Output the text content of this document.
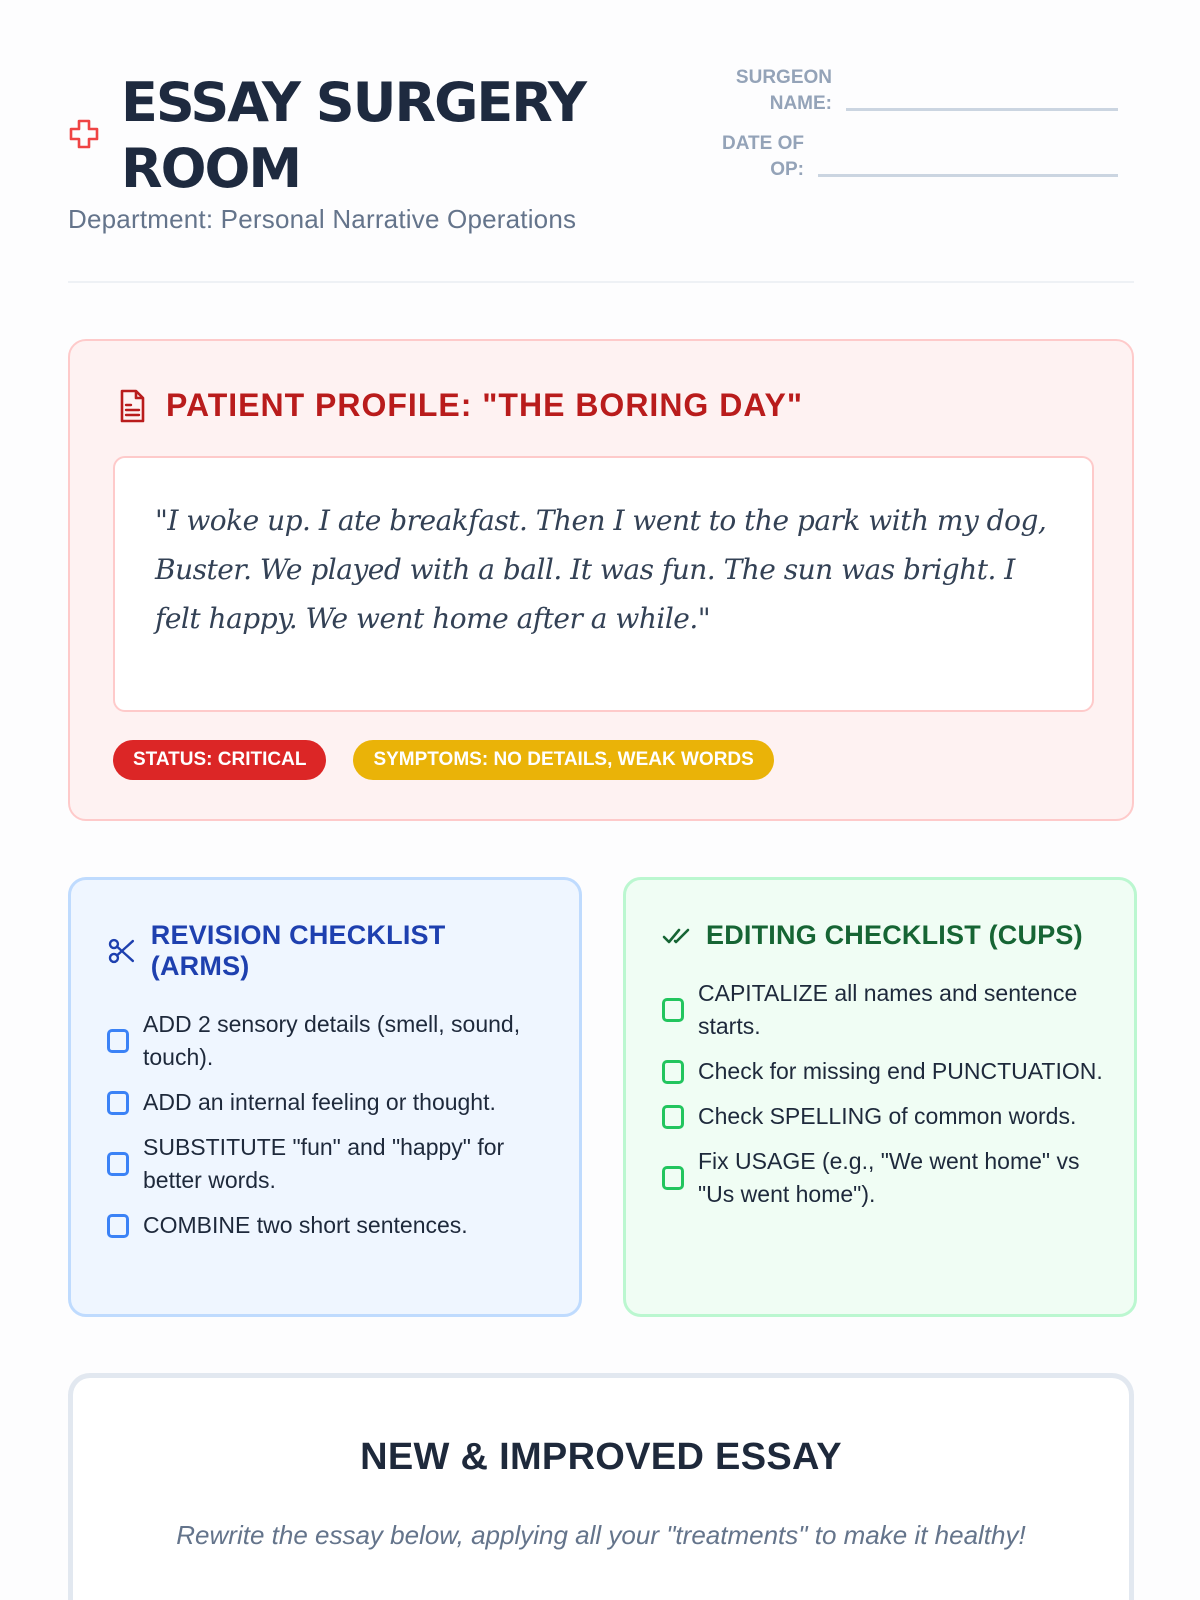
ESSAY SURGERY ROOM
Department: Personal Narrative Operations
SURGEON NAME:
DATE OF OP:
PATIENT PROFILE: "THE BORING DAY"
"I woke up. I ate breakfast. Then I went to the park with my dog, Buster. We played with a ball. It was fun. The sun was bright. I felt happy. We went home after a while."
STATUS: CRITICAL	SYMPTOMS: NO DETAILS, WEAK WORDS
REVISION CHECKLIST (ARMS)
ADD 2 sensory details (smell, sound, touch).
ADD an internal feeling or thought.
SUBSTITUTE "fun" and "happy" for better words.
COMBINE two short sentences.
EDITING CHECKLIST (CUPS)
CAPITALIZE all names and sentence starts.
Check for missing end PUNCTUATION.
Check SPELLING of common words.
Fix USAGE (e.g., "We went home" vs "Us went home").
NEW & IMPROVED ESSAY
Rewrite the essay below, applying all your "treatments" to make it healthy!
